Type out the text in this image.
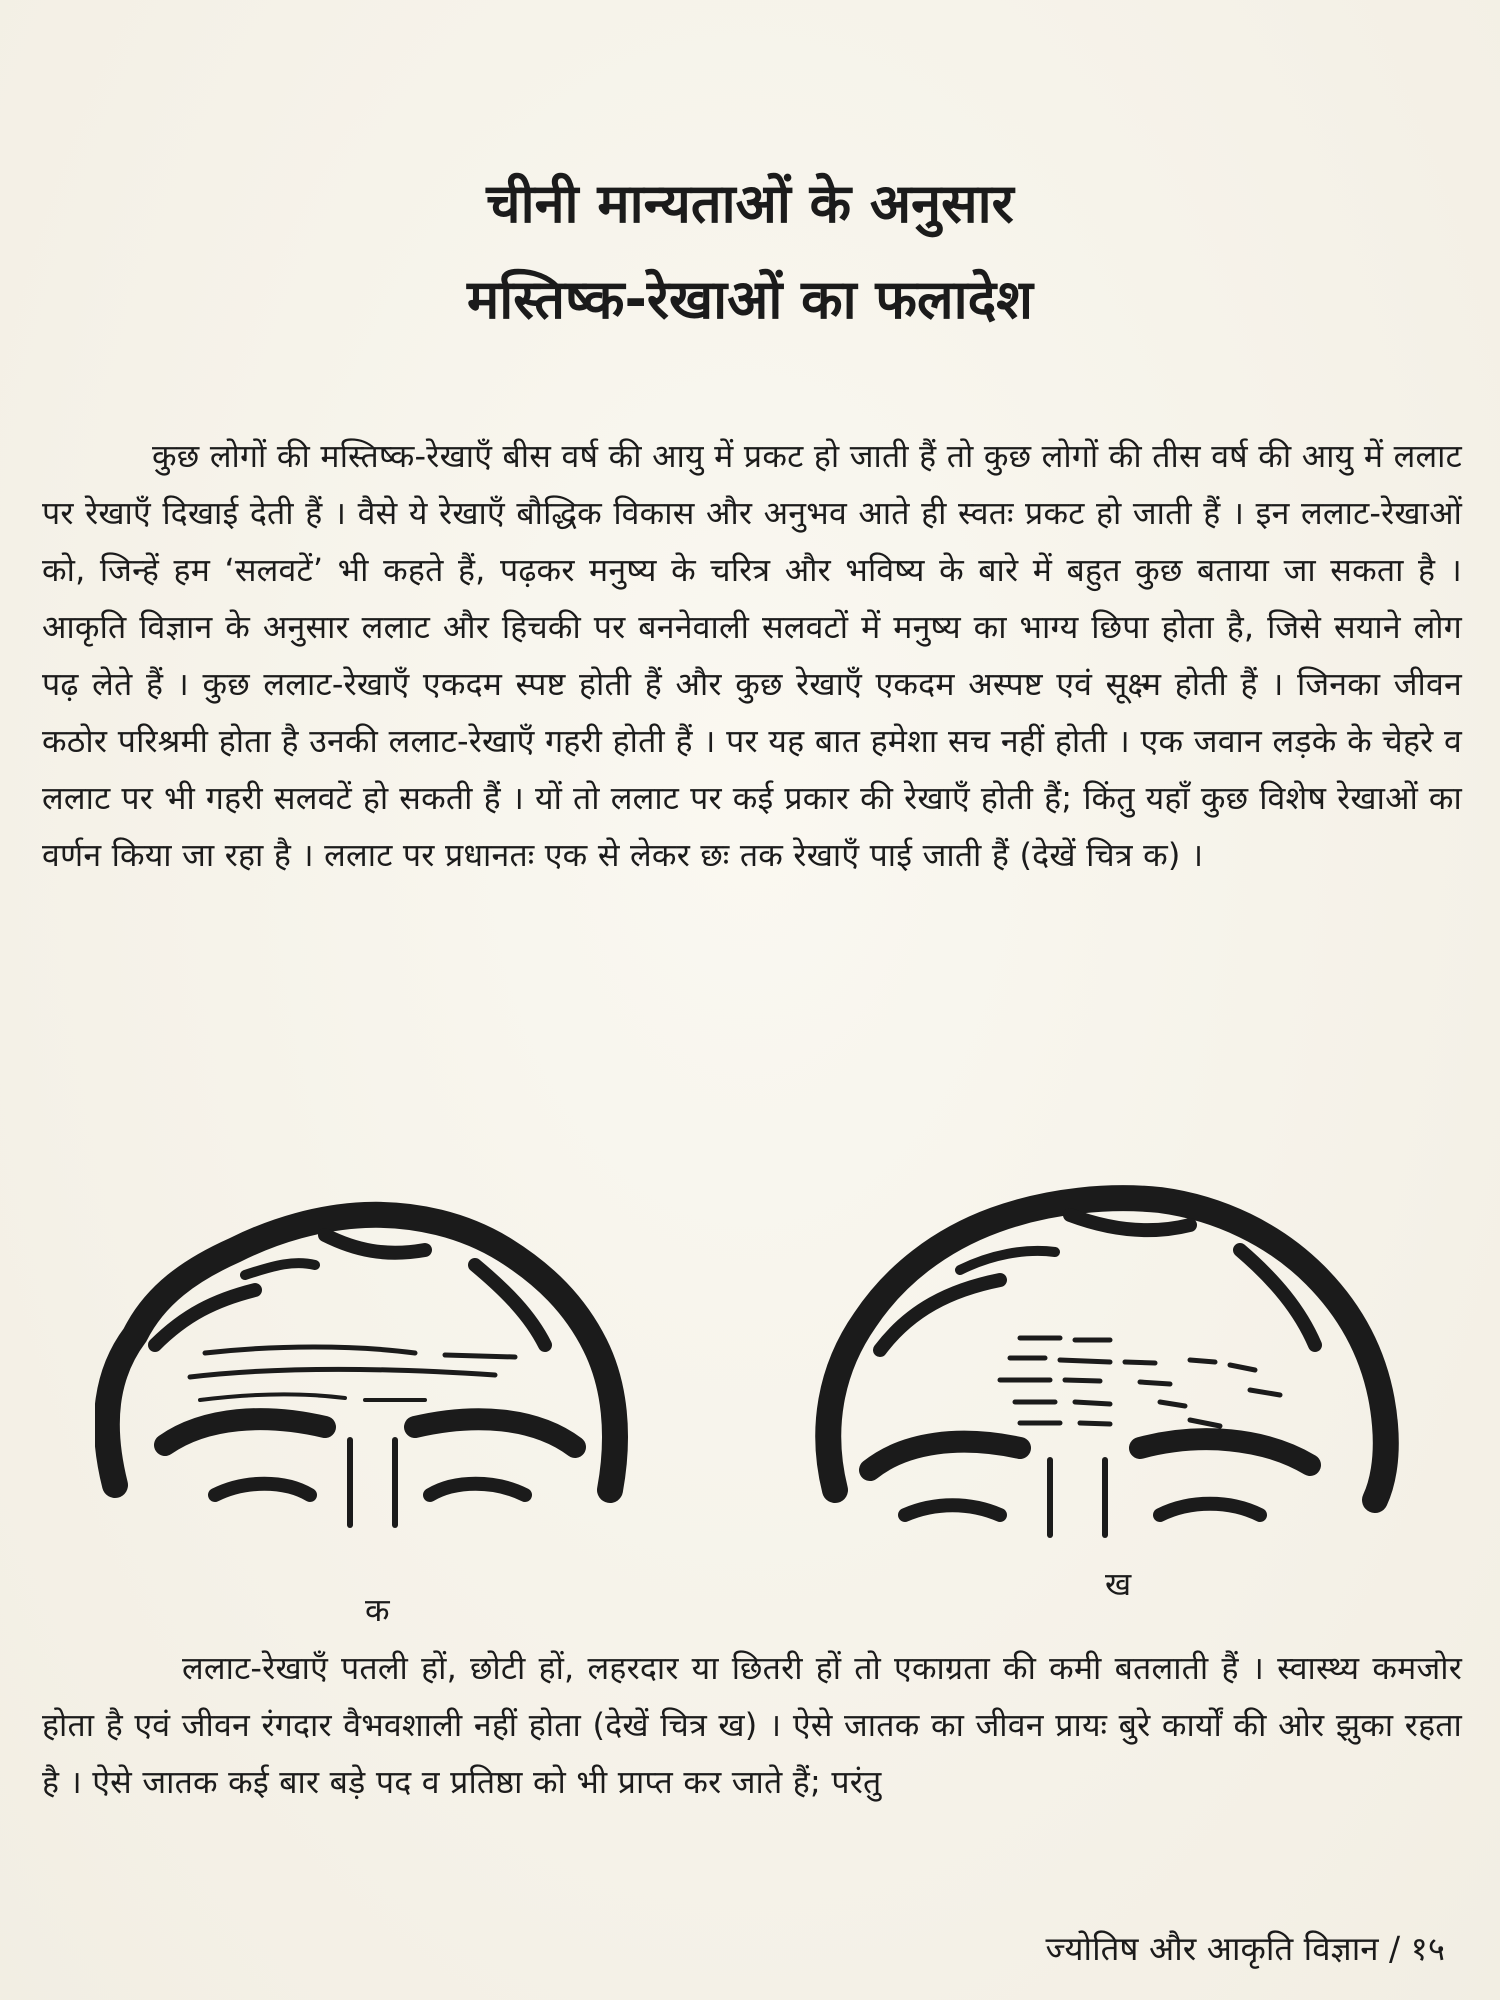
चीनी मान्यताओं के अनुसार
मस्तिष्क-रेखाओं का फलादेश

कुछ लोगों की मस्तिष्क-रेखाएँ बीस वर्ष की आयु में प्रकट हो जाती हैं तो कुछ लोगों की तीस वर्ष की आयु में ललाट पर रेखाएँ दिखाई देती हैं । वैसे ये रेखाएँ बौद्धिक विकास और अनुभव आते ही स्वतः प्रकट हो जाती हैं । इन ललाट-रेखाओं को, जिन्हें हम ‘सलवटें’ भी कहते हैं, पढ़कर मनुष्य के चरित्र और भविष्य के बारे में बहुत कुछ बताया जा सकता है । आकृति विज्ञान के अनुसार ललाट और हिचकी पर बननेवाली सलवटों में मनुष्य का भाग्य छिपा होता है, जिसे सयाने लोग पढ़ लेते हैं । कुछ ललाट-रेखाएँ एकदम स्पष्ट होती हैं और कुछ रेखाएँ एकदम अस्पष्ट एवं सूक्ष्म होती हैं । जिनका जीवन कठोर परिश्रमी होता है उनकी ललाट-रेखाएँ गहरी होती हैं । पर यह बात हमेशा सच नहीं होती । एक जवान लड़के के चेहरे व ललाट पर भी गहरी सलवटें हो सकती हैं । यों तो ललाट पर कई प्रकार की रेखाएँ होती हैं; किंतु यहाँ कुछ विशेष रेखाओं का वर्णन किया जा रहा है । ललाट पर प्रधानतः एक से लेकर छः तक रेखाएँ पाई जाती हैं (देखें चित्र क) ।

क

ख

ललाट-रेखाएँ पतली हों, छोटी हों, लहरदार या छितरी हों तो एकाग्रता की कमी बतलाती हैं । स्वास्थ्य कमजोर होता है एवं जीवन रंगदार वैभवशाली नहीं होता (देखें चित्र ख) । ऐसे जातक का जीवन प्रायः बुरे कार्यों की ओर झुका रहता है । ऐसे जातक कई बार बड़े पद व प्रतिष्ठा को भी प्राप्त कर जाते हैं; परंतु

ज्योतिष और आकृति विज्ञान / १५
